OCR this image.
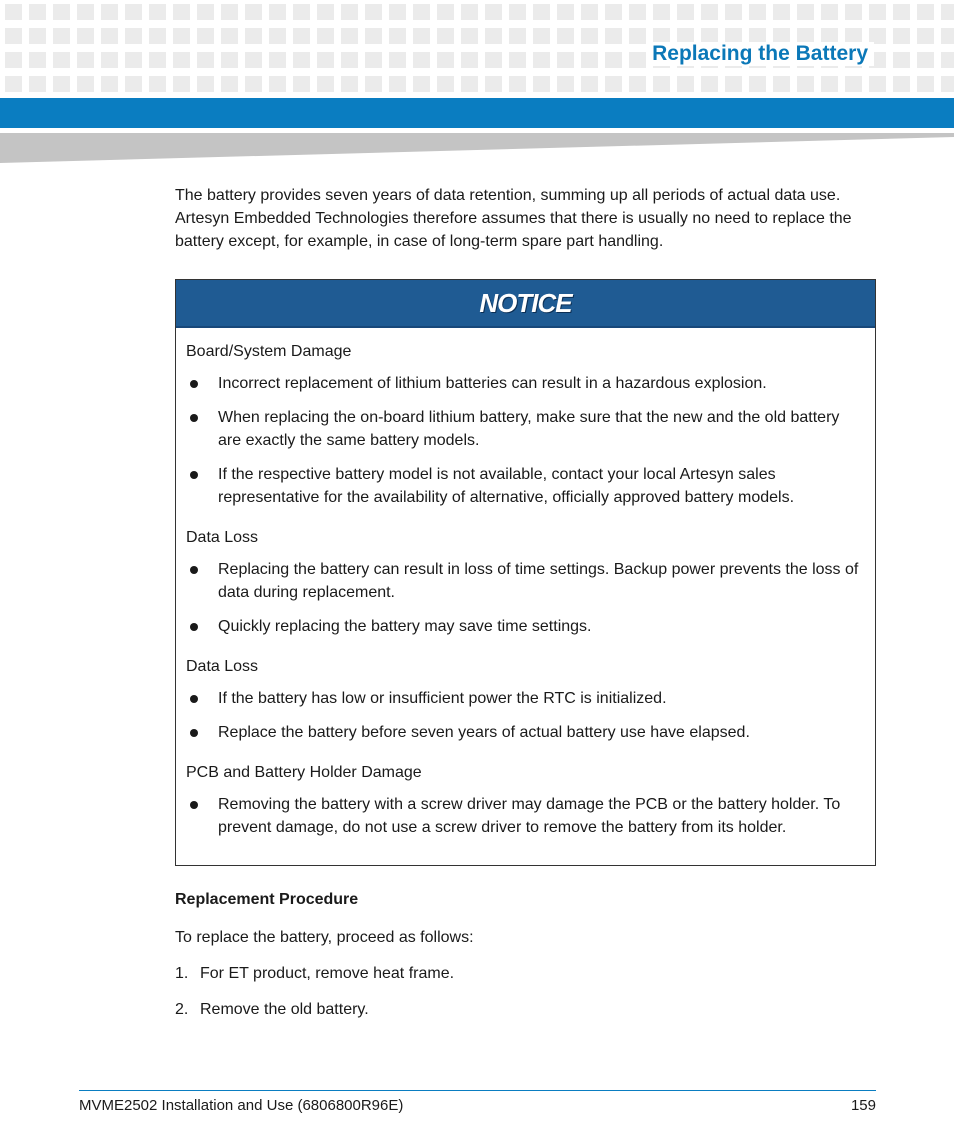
Replacing the Battery

The battery provides seven years of data retention, summing up all periods of actual data use. Artesyn Embedded Technologies therefore assumes that there is usually no need to replace the battery except, for example, in case of long-term spare part handling.

NOTICE

Board/System Damage

Incorrect replacement of lithium batteries can result in a hazardous explosion.

When replacing the on-board lithium battery, make sure that the new and the old battery are exactly the same battery models.

If the respective battery model is not available, contact your local Artesyn sales representative for the availability of alternative, officially approved battery models.

Data Loss

Replacing the battery can result in loss of time settings. Backup power prevents the loss of data during replacement.

Quickly replacing the battery may save time settings.

Data Loss

If the battery has low or insufficient power the RTC is initialized.

Replace the battery before seven years of actual battery use have elapsed.

PCB and Battery Holder Damage

Removing the battery with a screw driver may damage the PCB or the battery holder. To prevent damage, do not use a screw driver to remove the battery from its holder.

Replacement Procedure
To replace the battery, proceed as follows:
1. For ET product, remove heat frame.
2. Remove the old battery.
MVME2502 Installation and Use (6806800R96E)	159
